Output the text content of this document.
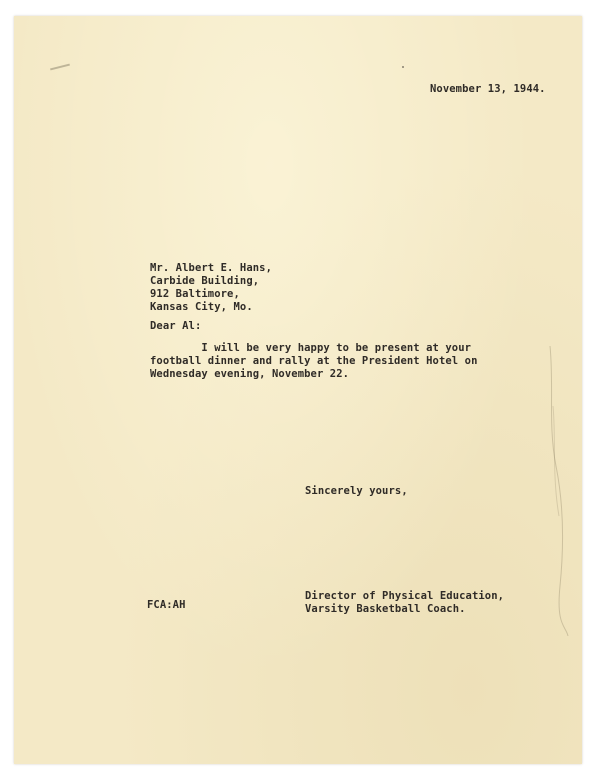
November 13, 1944.

Mr. Albert E. Hans,

Carbide Building,

912 Baltimore,

Kansas City, Mo.

Dear Al:

I will be very happy to be present at your

football dinner and rally at the President Hotel on

Wednesday evening, November 22.

Sincerely yours,

Director of Physical Education,

Varsity Basketball Coach.

FCA:AH
